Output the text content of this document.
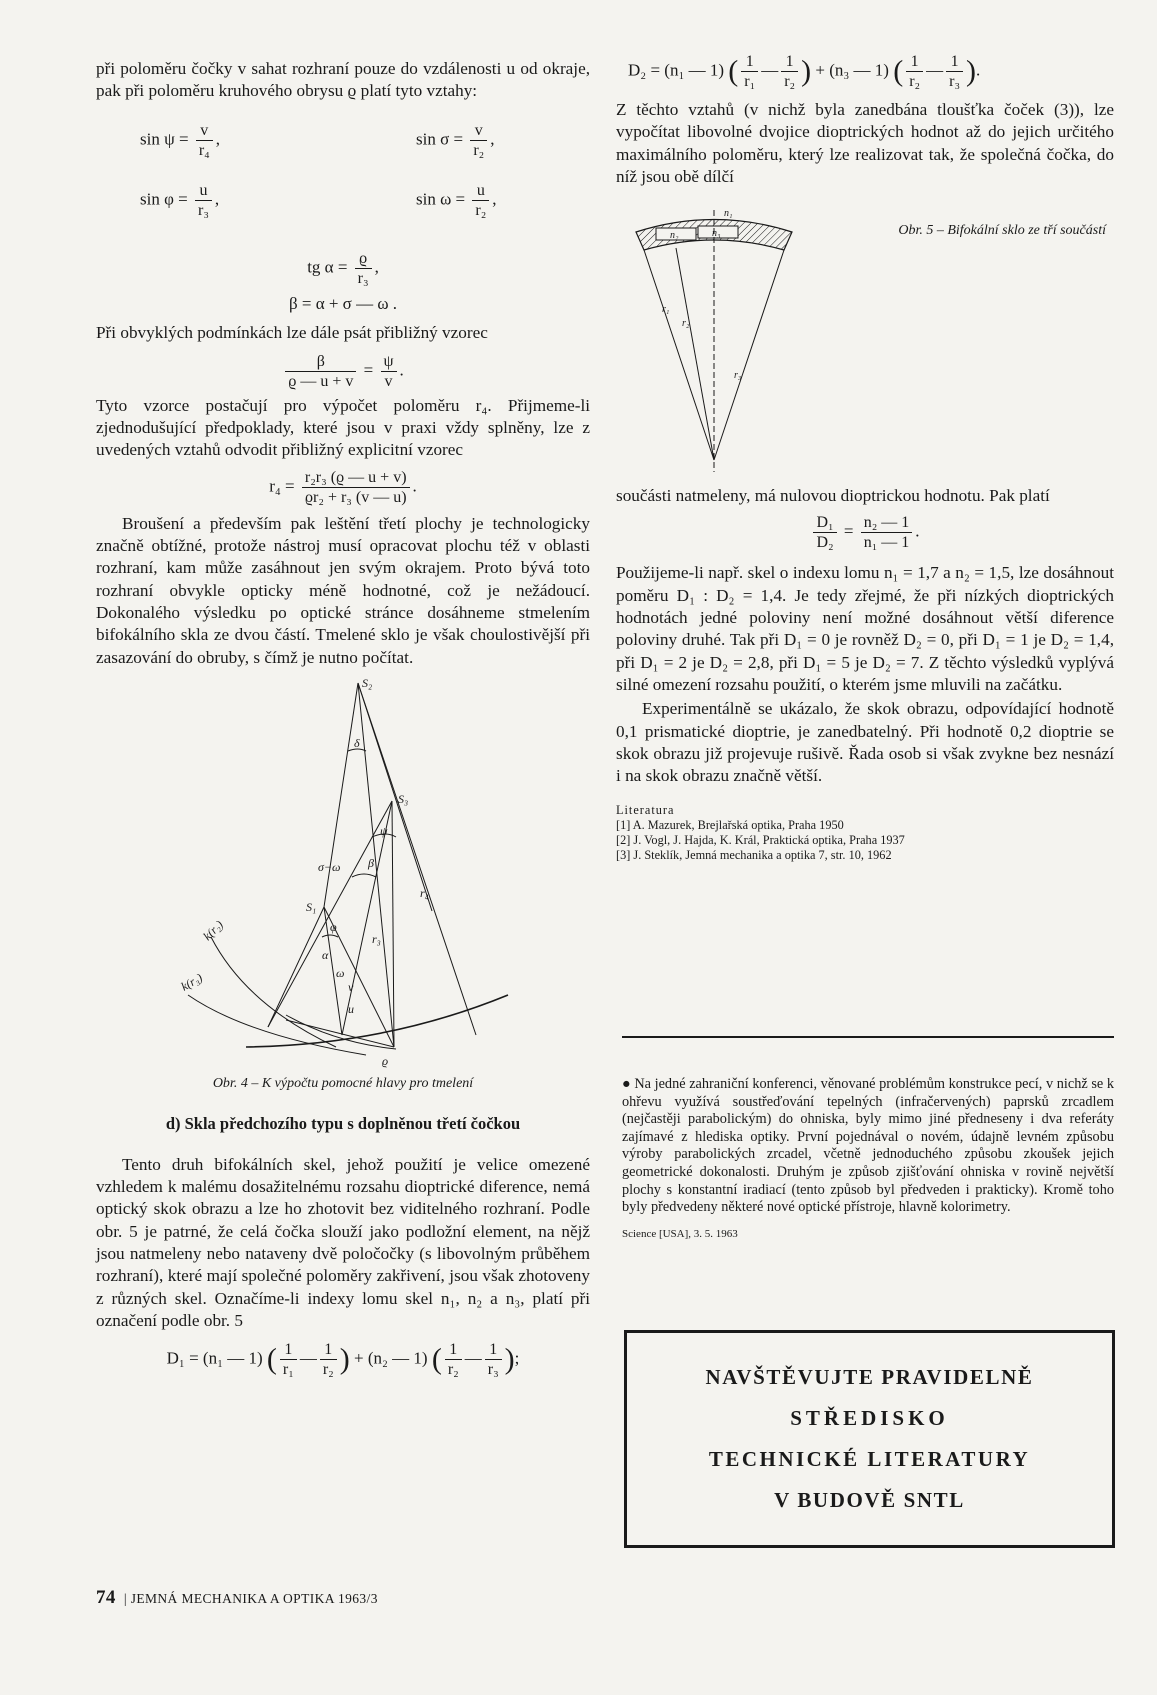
při poloměru čočky v sahat rozhraní pouze do vzdálenosti u od okraje, pak při poloměru kruhového obrysu ϱ platí tyto vztahy:

$\sin \psi = \frac{v}{\text{r₄}}$ ,	$\sin \sigma = \frac{v}{\text{r₂}}$ ,
$\sin \varphi = \frac{u}{\text{r₃}}$ ,	$\sin \omega = \frac{u}{\text{r₂}}$ ,
tg $\alpha = \frac{ϱ}{\text{r₃}}$ ,
β = α + σ — ω .

Při obvyklých podmínkách lze dále psát přibližný vzorec

$\frac{\beta}{ϱ — u + v} = \frac{\psi}{v}$ .

Tyto vzorce postačují pro výpočet poloměru r₄. Přijmeme-li zjednodušující předpoklady, které jsou v praxi vždy splněny, lze z uvedených vztahů odvodit přibližný explicitní vzorec

$r_4 = \frac{\text{r₂r₃ (ϱ — u + v)}}{\text{ϱr₂ + r₃ (v — u)}}$ .

Broušení a především pak leštění třetí plochy je technologicky značně obtížné, protože nástroj musí opracovat plochu též v oblasti rozhraní, kam může zasáhnout jen svým okrajem. Proto bývá toto rozhraní obvykle opticky méně hodnotné, což je nežádoucí. Dokonalého výsledku po optické stránce dosáhneme stmelením bifokálního skla ze dvou částí. Tmelené sklo je však choulostivější při zasazování do obruby, s čímž je nutno počítat.

S₂
S₃
S₁
k(r₂)
k(r₃)
δ
σ−ω
ψ
β
φ
r₃
r₄
α
ω
v
u
ϱ
Obr. 4 – K výpočtu pomocné hlavy pro tmelení
d) Skla předchozího typu s doplněnou třetí čočkou

Tento druh bifokálních skel, jehož použití je velice omezené vzhledem k malému dosažitelnému rozsahu dioptrické diference, nemá optický skok obrazu a lze ho zhotovit bez viditelného rozhraní. Podle obr. 5 je patrné, že celá čočka slouží jako podložní element, na nějž jsou natmeleny nebo nataveny dvě poločočky (s libovolným průběhem rozhraní), které mají společné poloměry zakřivení, jsou však zhotoveny z různých skel. Označíme-li indexy lomu skel n₁, n₂ a n₃, platí při označení podle obr. 5

D₁ = (n₁ — 1) ( $\frac{1}{\text{r₁}}$ — $\frac{1}{\text{r₂}}$ ) + (n₂ — 1) ( $\frac{1}{\text{r₂}}$ — $\frac{1}{\text{r₃}}$ );
D₂ = (n₁ — 1) ( $\frac{1}{\text{r₁}}$ — $\frac{1}{\text{r₂}}$ ) + (n₃ — 1) ( $\frac{1}{\text{r₂}}$ — $\frac{1}{\text{r₃}}$ ).

Z těchto vztahů (v nichž byla zanedbána tloušťka čoček (3)), lze vypočítat libovolné dvojice dioptrických hodnot až do jejich určitého maximálního poloměru, který lze realizovat tak, že společná čočka, do níž jsou obě dílčí

n₁
n₂	n₃
r₁
r₂
r₃
Obr. 5 – Bifokální sklo ze tří součástí

součásti natmeleny, má nulovou dioptrickou hodnotu. Pak platí

$\frac{\text{D₁}}{\text{D₂}} = \frac{\text{n₂ — 1}}{\text{n₁ — 1}}$ .

Použijeme-li např. skel o indexu lomu n₁ = 1,7 a n₂ = 1,5, lze dosáhnout poměru D₁ : D₂ = 1,4. Je tedy zřejmé, že při nízkých dioptrických hodnotách jedné poloviny není možné dosáhnout větší diference poloviny druhé. Tak při D₁ = 0 je rovněž D₂ = 0, při D₁ = 1 je D₂ = 1,4, při D₁ = 2 je D₂ = 2,8, při D₁ = 5 je D₂ = 7. Z těchto výsledků vyplývá silné omezení rozsahu použití, o kterém jsme mluvili na začátku.

Experimentálně se ukázalo, že skok obrazu, odpovídající hodnotě 0,1 prismatické dioptrie, je zanedbatelný. Při hodnotě 0,2 dioptrie se skok obrazu již projevuje rušivě. Řada osob si však zvykne bez nesnází i na skok obrazu značně větší.

Literatura
[1] A. Mazurek, Brejlařská optika, Praha 1950
[2] J. Vogl, J. Hajda, K. Král, Praktická optika, Praha 1937
[3] J. Steklík, Jemná mechanika a optika 7, str. 10, 1962

● Na jedné zahraniční konferenci, věnované problémům konstrukce pecí, v nichž se k ohřevu využívá soustřeďování tepelných (infračervených) paprsků zrcadlem (nejčastěji parabolickým) do ohniska, byly mimo jiné předneseny i dva referáty zajímavé z hlediska optiky. První pojednával o novém, údajně levném způsobu výroby parabolických zrcadel, včetně jednoduchého způsobu zkoušek jejich geometrické dokonalosti. Druhým je způsob zjišťování ohniska v rovině největší plochy s konstantní iradiací (tento způsob byl předveden i prakticky). Kromě toho byly předvedeny některé nové optické přístroje, hlavně kolorimetry.

Science [USA], 3. 5. 1963
NAVŠTĚVUJTE PRAVIDELNĚ
STŘEDISKO
TECHNICKÉ LITERATURY
V BUDOVĚ SNTL
74 | JEMNÁ MECHANIKA A OPTIKA 1963/3
